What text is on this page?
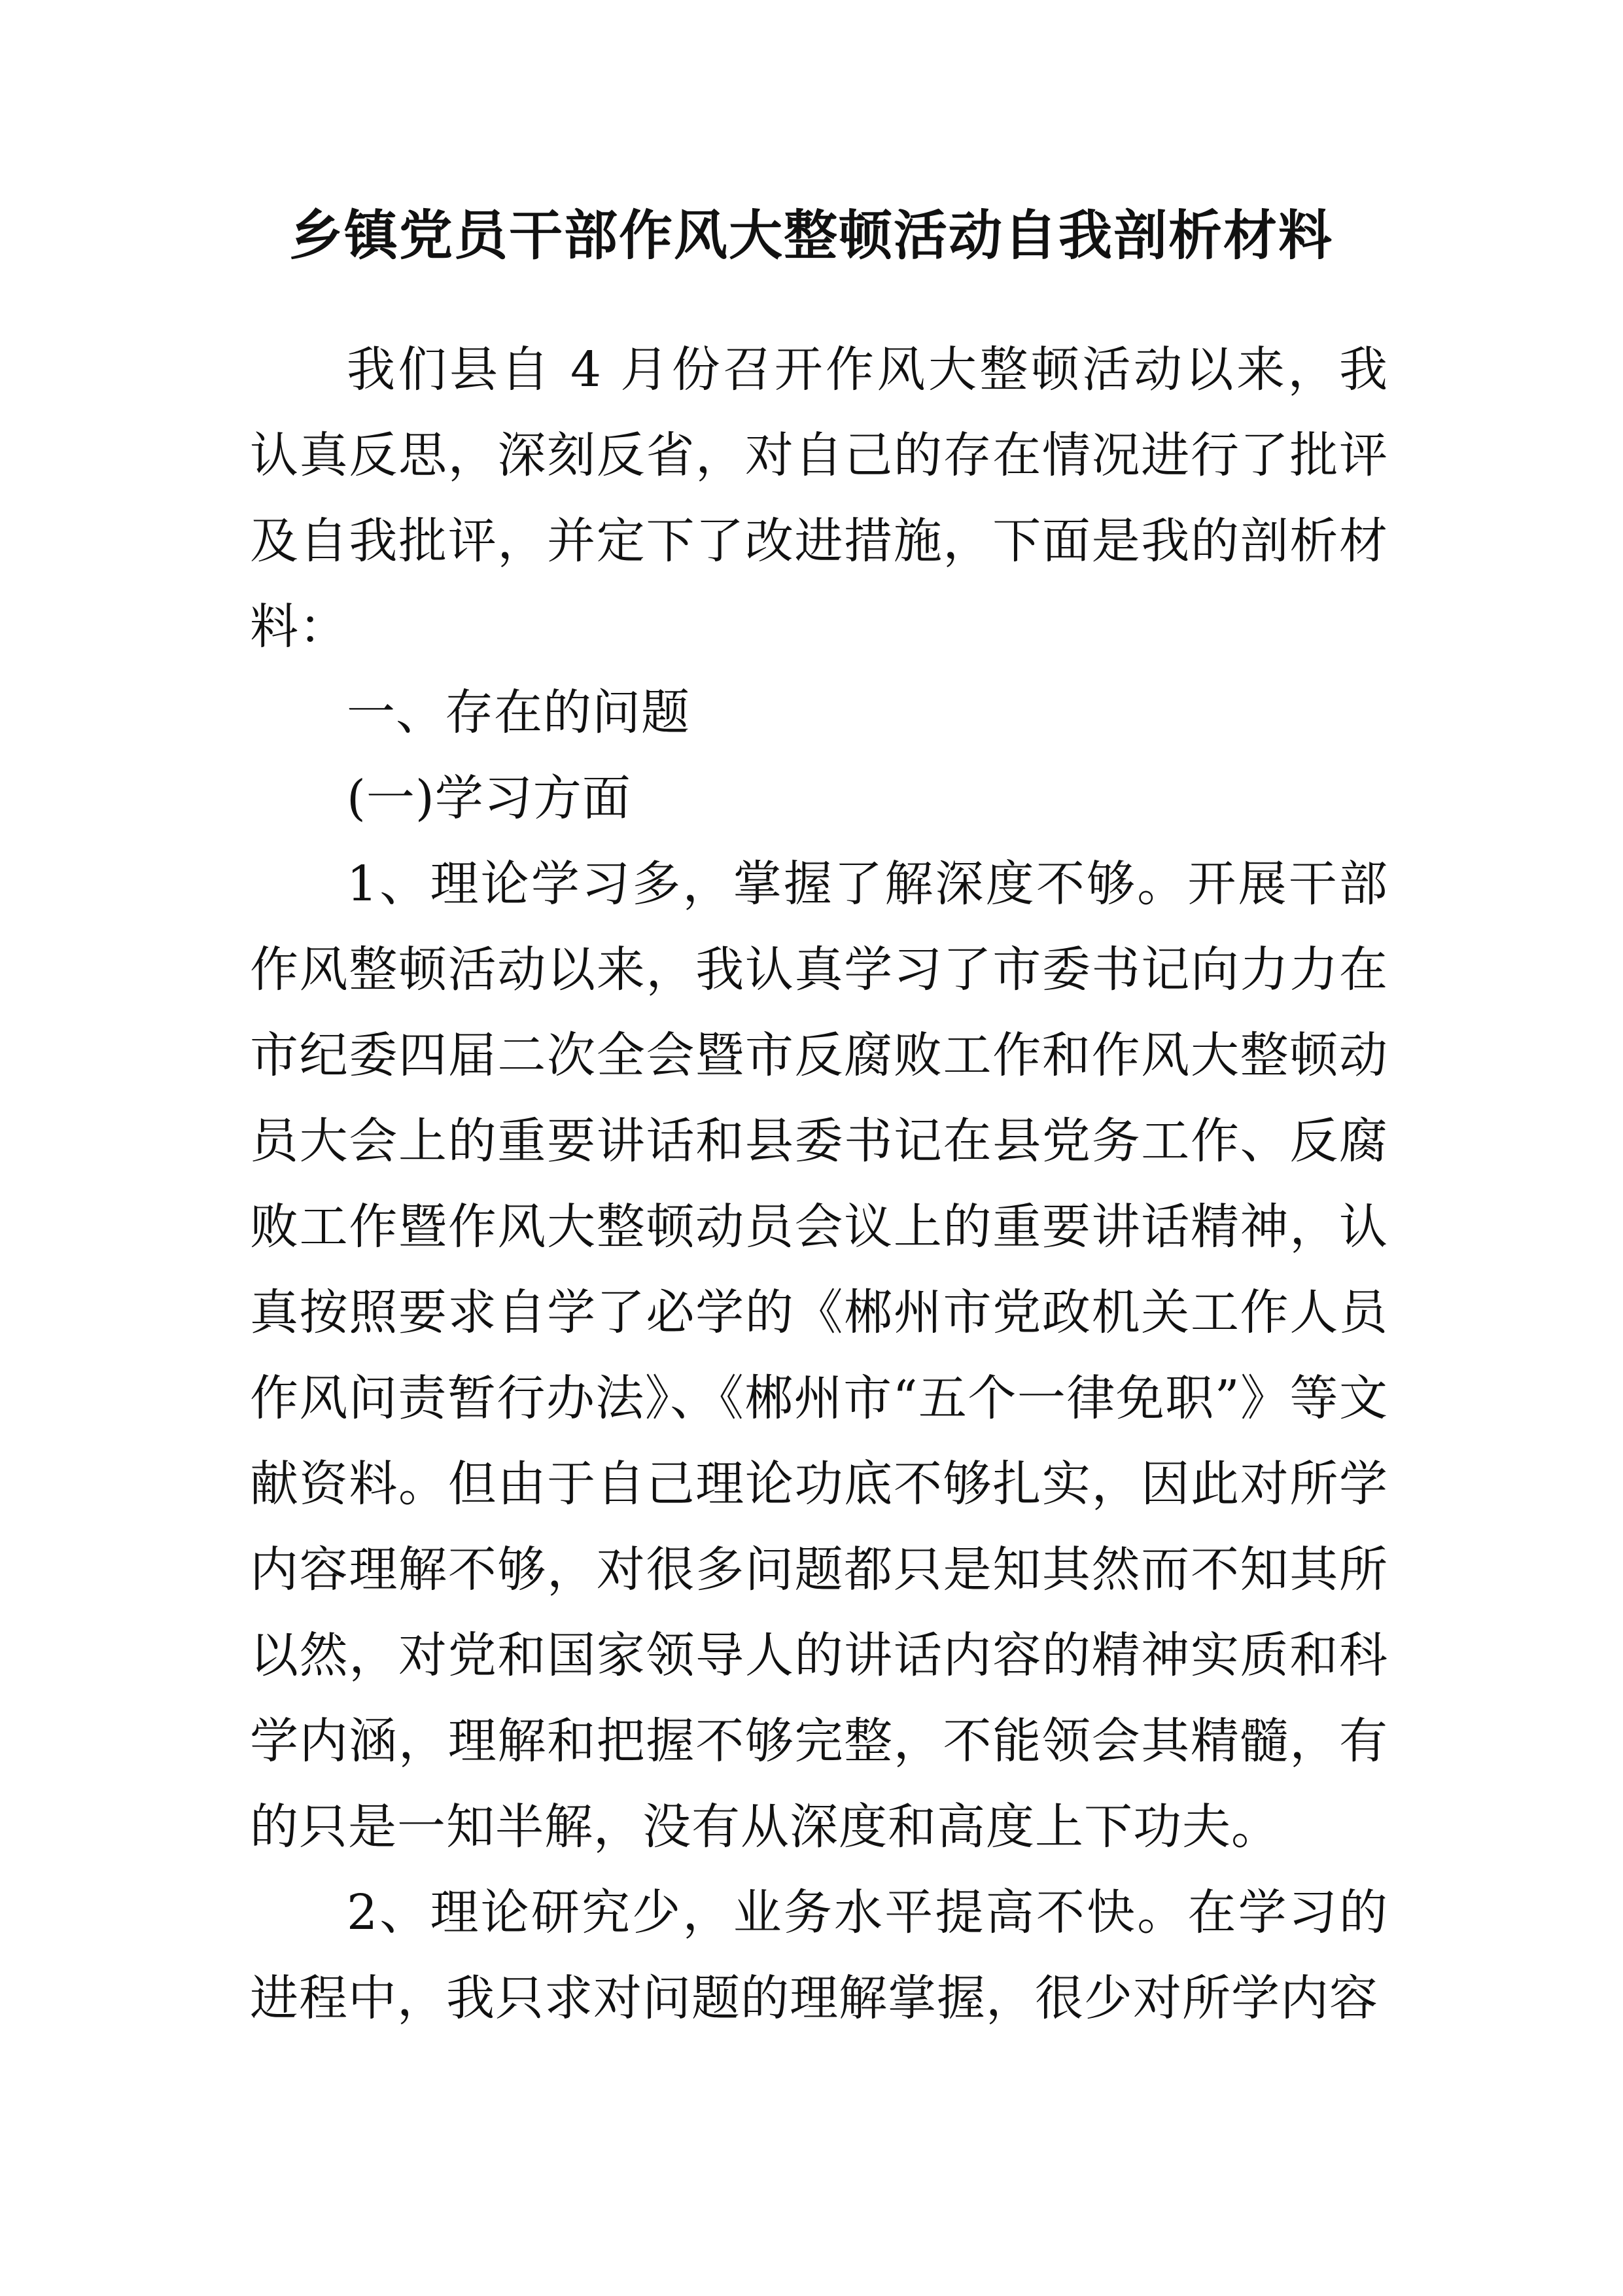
乡镇党员干部作风大整顿活动自我剖析材料

我们县自 4 月份召开作风大整顿活动以来，我认真反思，深刻反省，对自己的存在情况进行了批评及自我批评，并定下了改进措施，下面是我的剖析材料：

一、存在的问题

(一)学习方面

1、理论学习多，掌握了解深度不够。开展干部作风整顿活动以来，我认真学习了市委书记向力力在市纪委四届二次全会暨市反腐败工作和作风大整顿动员大会上的重要讲话和县委书记在县党务工作、反腐败工作暨作风大整顿动员会议上的重要讲话精神，认真按照要求自学了必学的《郴州市党政机关工作人员作风问责暂行办法》、《郴州市“五个一律免职”》等文献资料。但由于自己理论功底不够扎实，因此对所学内容理解不够，对很多问题都只是知其然而不知其所以然，对党和国家领导人的讲话内容的精神实质和科学内涵，理解和把握不够完整，不能领会其精髓，有的只是一知半解，没有从深度和高度上下功夫。

2、理论研究少，业务水平提高不快。在学习的进程中，我只求对问题的理解掌握，很少对所学内容
